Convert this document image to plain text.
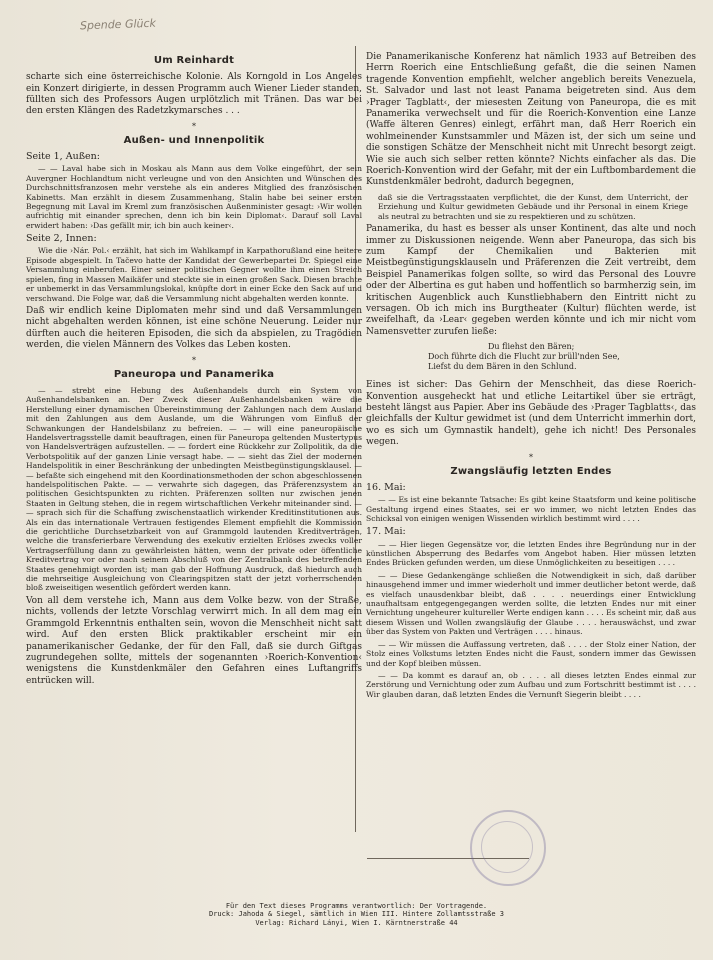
Spende Glück
Um Reinhardt

scharte sich eine österreichische Kolonie. Als Korngold in Los Angeles ein Konzert dirigierte, in dessen Programm auch Wiener Lieder standen, füllten sich des Professors Augen urplötzlich mit Tränen. Das war bei den ersten Klängen des Radetzkymarsches . . .

*
Außen- und Innenpolitik
Seite 1, Außen:

— — Laval habe sich in Moskau als Mann aus dem Volke eingeführt, der sein Auvergner Hochlandtum nicht verleugne und von den Ansichten und Wünschen des Durchschnittsfranzosen mehr verstehe als ein anderes Mitglied des französischen Kabinetts. Man erzählt in diesem Zusammenhang, Stalin habe bei seiner ersten Begegnung mit Laval im Kreml zum französischen Außenminister gesagt: ›Wir wollen aufrichtig mit einander sprechen, denn ich bin kein Diplomat‹. Darauf soll Laval erwidert haben: ›Das gefällt mir, ich bin auch keiner‹.

Seite 2, Innen:

Wie die ›Nár. Pol.‹ erzählt, hat sich im Wahlkampf in Karpathorußland eine heitere Episode abgespielt. In Tačevo hatte der Kandidat der Gewerbepartei Dr. Spiegel eine Versammlung einberufen. Einer seiner politischen Gegner wollte ihm einen Streich spielen, fing in Massen Maikäfer und steckte sie in einen großen Sack. Diesen brachte er unbemerkt in das Versammlungslokal, knüpfte dort in einer Ecke den Sack auf und verschwand. Die Folge war, daß die Versammlung nicht abgehalten werden konnte.

Daß wir endlich keine Diplomaten mehr sind und daß Versammlungen nicht abgehalten werden können, ist eine schöne Neuerung. Leider nur dürften auch die heiteren Episoden, die sich da abspielen, zu Tragödien werden, die vielen Männern des Volkes das Leben kosten.

*
Paneuropa und Panamerika

— — strebt eine Hebung des Außenhandels durch ein System von Außenhandelsbanken an. Der Zweck dieser Außenhandelsbanken wäre die Herstellung einer dynamischen Übereinstimmung der Zahlungen nach dem Ausland mit den Zahlungen aus dem Auslande, um die Währungen vom Einfluß der Schwankungen der Handelsbilanz zu befreien. — — will eine paneuropäische Handelsvertragsstelle damit beauftragen, einen für Paneuropa geltenden Mustertypus von Handelsverträgen aufzustellen. — — fordert eine Rückkehr zur Zollpolitik, da die Verbotspolitik auf der ganzen Linie versagt habe. — — sieht das Ziel der modernen Handelspolitik in einer Beschränkung der unbedingten Meistbegünstigungsklausel. — — befaßte sich eingehend mit den Koordinationsmethoden der schon abgeschlossenen handelspolitischen Pakte. — — verwahrte sich dagegen, das Präferenzsystem an politischen Gesichtspunkten zu richten. Präferenzen sollten nur zwischen jenen Staaten in Geltung stehen, die in regem wirtschaftlichen Verkehr miteinander sind. — — sprach sich für die Schaffung zwischenstaatlich wirkender Kreditinstitutionen aus. Als ein das internationale Vertrauen festigendes Element empfiehlt die Kommission die gerichtliche Durchsetzbarkeit von auf Grammgold lautenden Kreditverträgen, welche die transferierbare Verwendung des exekutiv erzielten Erlöses zwecks voller Vertragserfüllung dann zu gewährleisten hätten, wenn der private oder öffentliche Kreditvertrag vor oder nach seinem Abschluß von der Zentralbank des betreffenden Staates genehmigt worden ist; man gab der Hoffnung Ausdruck, daß hiedurch auch die mehrseitige Ausgleichung von Clearingspitzen statt der jetzt vorherrschenden bloß zweiseitigen wesentlich gefördert werden kann.

Von all dem verstehe ich, Mann aus dem Volke bezw. von der Straße, nichts, vollends der letzte Vorschlag verwirrt mich. In all dem mag ein Grammgold Erkenntnis enthalten sein, wovon die Menschheit nicht satt wird. Auf den ersten Blick praktikabler erscheint mir ein panamerikanischer Gedanke, der für den Fall, daß sie durch Giftgas zugrundegehen sollte, mittels der sogenannten ›Roerich-Konvention‹ wenigstens die Kunstdenkmäler den Gefahren eines Luftangriffs entrücken will.

Die Panamerikanische Konferenz hat nämlich 1933 auf Betreiben des Herrn Roerich eine Entschließung gefaßt, die die seinen Namen tragende Konvention empfiehlt, welcher angeblich bereits Venezuela, St. Salvador und last not least Panama beigetreten sind. Aus dem ›Prager Tagblatt‹, der miesesten Zeitung von Paneuropa, die es mit Panamerika verwechselt und für die Roerich-Konvention eine Lanze (Waffe älteren Genres) einlegt, erfährt man, daß Herr Roerich ein wohlmeinender Kunstsammler und Mäzen ist, der sich um seine und die sonstigen Schätze der Menschheit nicht mit Unrecht besorgt zeigt. Wie sie auch sich selber retten könnte? Nichts einfacher als das. Die Roerich-Konvention wird der Gefahr, mit der ein Luftbombardement die Kunstdenkmäler bedroht, dadurch begegnen,

daß sie die Vertragsstaaten verpflichtet, die der Kunst, dem Unterricht, der Erziehung und Kultur gewidmeten Gebäude und ihr Personal in einem Kriege als neutral zu betrachten und sie zu respektieren und zu schützen.

Panamerika, du hast es besser als unser Kontinent, das alte und noch immer zu Diskussionen neigende. Wenn aber Paneuropa, das sich bis zum Kampf der Chemikalien und Bakterien mit Meistbegünstigungsklauseln und Präferenzen die Zeit vertreibt, dem Beispiel Panamerikas folgen sollte, so wird das Personal des Louvre oder der Albertina es gut haben und hoffentlich so barmherzig sein, im kritischen Augenblick auch Kunstliebhabern den Eintritt nicht zu versagen. Ob ich mich ins Burgtheater (Kultur) flüchten werde, ist zweifelhaft, da ›Lear‹ gegeben werden könnte und ich mir nicht vom Namensvetter zurufen ließe:

Du fliehst den Bären;
Doch führte dich die Flucht zur brüll'nden See,
Liefst du dem Bären in den Schlund.

Eines ist sicher: Das Gehirn der Menschheit, das diese Roerich-Konvention ausgeheckt hat und etliche Leitartikel über sie erträgt, besteht längst aus Papier. Aber ins Gebäude des ›Prager Tagblatts‹, das gleichfalls der Kultur gewidmet ist (und dem Unterricht immerhin dort, wo es sich um Gymnastik handelt), gehe ich nicht! Des Personales wegen.

*
Zwangsläufig letzten Endes
16. Mai:

— — Es ist eine bekannte Tatsache: Es gibt keine Staatsform und keine politische Gestaltung irgend eines Staates, sei er wo immer, wo nicht letzten Endes das Schicksal von einigen wenigen Wissenden wirklich bestimmt wird . . . .

17. Mai:

— — Hier liegen Gegensätze vor, die letzten Endes ihre Begründung nur in der künstlichen Absperrung des Bedarfes vom Angebot haben. Hier müssen letzten Endes Brücken gefunden werden, um diese Unmöglichkeiten zu beseitigen . . . .

— — Diese Gedankengänge schließen die Notwendigkeit in sich, daß darüber hinausgehend immer und immer wiederholt und immer deutlicher betont werde, daß es vielfach unausdenkbar bleibt, daß . . . . neuerdings einer Entwicklung unaufhaltsam entgegengegangen werden sollte, die letzten Endes nur mit einer Vernichtung ungeheurer kultureller Werte endigen kann . . . . Es scheint mir, daß aus diesem Wissen und Wollen zwangsläufig der Glaube . . . . herauswächst, und zwar über das System von Pakten und Verträgen . . . . hinaus.

— — Wir müssen die Auffassung vertreten, daß . . . . der Stolz einer Nation, der Stolz eines Volkstums letzten Endes nicht die Faust, sondern immer das Gewissen und der Kopf bleiben müssen.

— — Da kommt es darauf an, ob . . . . all dieses letzten Endes einmal zur Zerstörung und Vernichtung oder zum Aufbau und zum Fortschritt bestimmt ist . . . . Wir glauben daran, daß letzten Endes die Vernunft Siegerin bleibt . . . .

Für den Text dieses Programms verantwortlich: Der Vortragende.
Druck: Jahoda & Siegel, sämtlich in Wien III. Hintere Zollamtsstraße 3
Verlag: Richard Lányi, Wien I. Kärntnerstraße 44
